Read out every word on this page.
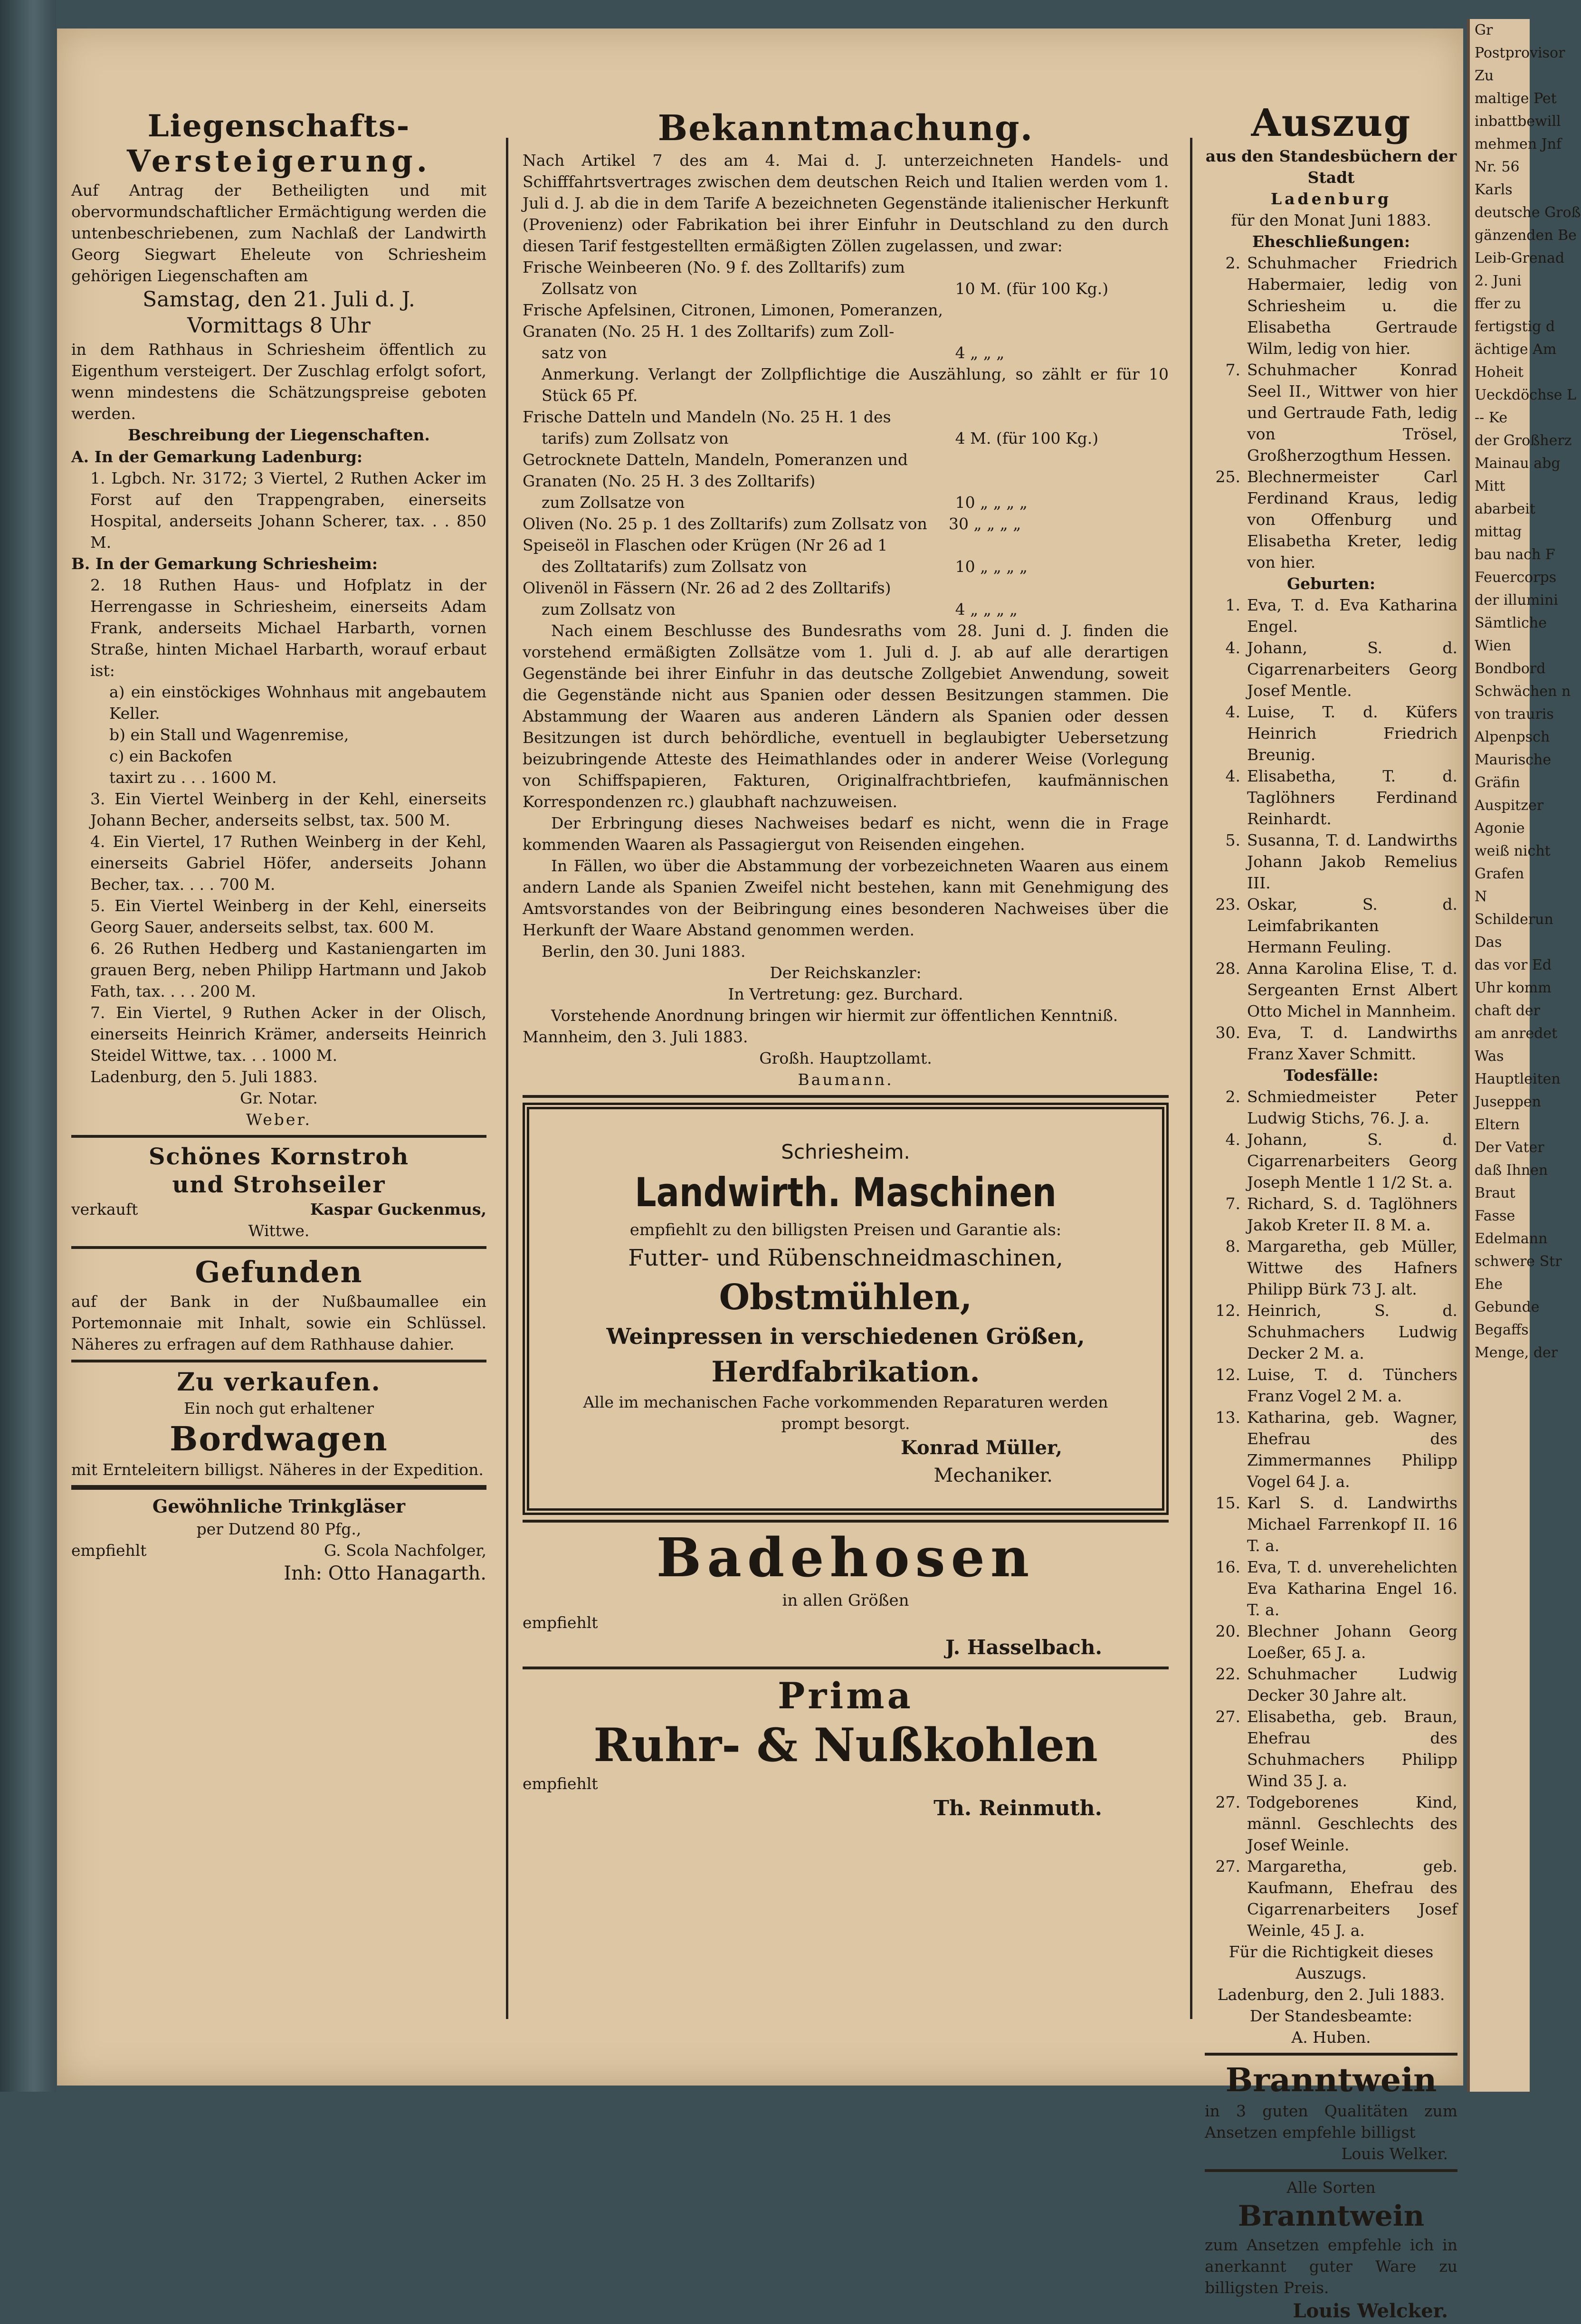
Liegenschafts-
Versteigerung.
Auf Antrag der Betheiligten und mit obervormundschaftlicher Ermächtigung werden die untenbeschriebenen, zum Nachlaß der Landwirth Georg Siegwart Eheleute von Schriesheim gehörigen Liegenschaften am
Samstag, den 21. Juli d. J.
Vormittags 8 Uhr
in dem Rathhaus in Schriesheim öffentlich zu Eigenthum versteigert. Der Zuschlag erfolgt sofort, wenn mindestens die Schätzungspreise geboten werden.
Beschreibung der Liegenschaften.
A. In der Gemarkung Ladenburg:
1. Lgbch. Nr. 3172; 3 Viertel, 2 Ruthen Acker im Forst auf den Trappengraben, einerseits Hospital, anderseits Johann Scherer, tax. . . 850 M.
B. In der Gemarkung Schriesheim:
2. 18 Ruthen Haus- und Hofplatz in der Herrengasse in Schriesheim, einerseits Adam Frank, anderseits Michael Harbarth, vornen Straße, hinten Michael Harbarth, worauf erbaut ist:
a) ein einstöckiges Wohnhaus mit angebautem Keller.
b) ein Stall und Wagenremise,
c) ein Backofen
taxirt zu . . . 1600 M.
3. Ein Viertel Weinberg in der Kehl, einerseits Johann Becher, anderseits selbst, tax. 500 M.
4. Ein Viertel, 17 Ruthen Weinberg in der Kehl, einerseits Gabriel Höfer, anderseits Johann Becher, tax. . . . 700 M.
5. Ein Viertel Weinberg in der Kehl, einerseits Georg Sauer, anderseits selbst, tax. 600 M.
6. 26 Ruthen Hedberg und Kastaniengarten im grauen Berg, neben Philipp Hartmann und Jakob Fath, tax. . . . 200 M.
7. Ein Viertel, 9 Ruthen Acker in der Olisch, einerseits Heinrich Krämer, anderseits Heinrich Steidel Wittwe, tax. . . 1000 M.
Ladenburg, den 5. Juli 1883.
Gr. Notar.
Weber.
Schönes Kornstroh
und Strohseiler
verkauft	Kaspar Guckenmus,
Wittwe.
Gefunden
auf der Bank in der Nußbaumallee ein Portemonnaie mit Inhalt, sowie ein Schlüssel. Näheres zu erfragen auf dem Rathhause dahier.
Zu verkaufen.
Ein noch gut erhaltener
Bordwagen
mit Ernteleitern billigst. Näheres in der Expedition.
Gewöhnliche Trinkgläser
per Dutzend 80 Pfg.,
empfiehlt	G. Scola Nachfolger,
Inh: Otto Hanagarth.
Bekanntmachung.
Nach Artikel 7 des am 4. Mai d. J. unterzeichneten Handels- und Schifffahrtsvertrages zwischen dem deutschen Reich und Italien werden vom 1. Juli d. J. ab die in dem Tarife A bezeichneten Gegenstände italienischer Herkunft (Provenienz) oder Fabrikation bei ihrer Einfuhr in Deutschland zu den durch diesen Tarif festgestellten ermäßigten Zöllen zugelassen, und zwar:
Frische Weinbeeren (No. 9 f. des Zolltarifs) zum
Zollsatz von	10 M. (für 100 Kg.)
Frische Apfelsinen, Citronen, Limonen, Pomeranzen, Granaten (No. 25 H. 1 des Zolltarifs) zum Zoll-
satz von	4 „ „ „
Anmerkung. Verlangt der Zollpflichtige die Auszählung, so zählt er für 10 Stück 65 Pf.
Frische Datteln und Mandeln (No. 25 H. 1 des
tarifs) zum Zollsatz von	4 M. (für 100 Kg.)
Getrocknete Datteln, Mandeln, Pomeranzen und Granaten (No. 25 H. 3 des Zolltarifs)
zum Zollsatze von	10 „ „ „ „
Oliven (No. 25 p. 1 des Zolltarifs) zum Zollsatz von	30 „ „ „ „
Speiseöl in Flaschen oder Krügen (Nr 26 ad 1
des Zolltatarifs) zum Zollsatz von	10 „ „ „ „
Olivenöl in Fässern (Nr. 26 ad 2 des Zolltarifs)
zum Zollsatz von	4 „ „ „ „
Nach einem Beschlusse des Bundesraths vom 28. Juni d. J. finden die vorstehend ermäßigten Zollsätze vom 1. Juli d. J. ab auf alle derartigen Gegenstände bei ihrer Einfuhr in das deutsche Zollgebiet Anwendung, soweit die Gegenstände nicht aus Spanien oder dessen Besitzungen stammen. Die Abstammung der Waaren aus anderen Ländern als Spanien oder dessen Besitzungen ist durch behördliche, eventuell in beglaubigter Uebersetzung beizubringende Atteste des Heimathlandes oder in anderer Weise (Vorlegung von Schiffspapieren, Fakturen, Originalfrachtbriefen, kaufmännischen Korrespondenzen rc.) glaubhaft nachzuweisen.
Der Erbringung dieses Nachweises bedarf es nicht, wenn die in Frage kommenden Waaren als Passagiergut von Reisenden eingehen.
In Fällen, wo über die Abstammung der vorbezeichneten Waaren aus einem andern Lande als Spanien Zweifel nicht bestehen, kann mit Genehmigung des Amtsvorstandes von der Beibringung eines besonderen Nachweises über die Herkunft der Waare Abstand genommen werden.
Berlin, den 30. Juni 1883.
Der Reichskanzler:
In Vertretung: gez. Burchard.
Vorstehende Anordnung bringen wir hiermit zur öffentlichen Kenntniß.
Mannheim, den 3. Juli 1883.
Großh. Hauptzollamt.
Baumann.
Schriesheim.
Landwirth. Maschinen
empfiehlt zu den billigsten Preisen und Garantie als:
Futter- und Rübenschneidmaschinen,
Obstmühlen,
Weinpressen in verschiedenen Größen,
Herdfabrikation.
Alle im mechanischen Fache vorkommenden Reparaturen werden prompt besorgt.
Konrad Müller,
Mechaniker.
Badehosen
in allen Größen
empfiehlt
J. Hasselbach.
Prima
Ruhr- & Nußkohlen
empfiehlt
Th. Reinmuth.
Auszug
aus den Standesbüchern der Stadt
Ladenburg
für den Monat Juni 1883.
Eheschließungen:
2. Schuhmacher Friedrich Habermaier, ledig von Schriesheim u. die Elisabetha Gertraude Wilm, ledig von hier.
7. Schuhmacher Konrad Seel II., Wittwer von hier und Gertraude Fath, ledig von Trösel, Großherzogthum Hessen.
25. Blechnermeister Carl Ferdinand Kraus, ledig von Offenburg und Elisabetha Kreter, ledig von hier.
Geburten:
1. Eva, T. d. Eva Katharina Engel.
4. Johann, S. d. Cigarrenarbeiters Georg Josef Mentle.
4. Luise, T. d. Küfers Heinrich Friedrich Breunig.
4. Elisabetha, T. d. Taglöhners Ferdinand Reinhardt.
5. Susanna, T. d. Landwirths Johann Jakob Remelius III.
23. Oskar, S. d. Leimfabrikanten Hermann Feuling.
28. Anna Karolina Elise, T. d. Sergeanten Ernst Albert Otto Michel in Mannheim.
30. Eva, T. d. Landwirths Franz Xaver Schmitt.
Todesfälle:
2. Schmiedmeister Peter Ludwig Stichs, 76. J. a.
4. Johann, S. d. Cigarrenarbeiters Georg Joseph Mentle 1 1/2 St. a.
7. Richard, S. d. Taglöhners Jakob Kreter II. 8 M. a.
8. Margaretha, geb Müller, Wittwe des Hafners Philipp Bürk 73 J. alt.
12. Heinrich, S. d. Schuhmachers Ludwig Decker 2 M. a.
12. Luise, T. d. Tünchers Franz Vogel 2 M. a.
13. Katharina, geb. Wagner, Ehefrau des Zimmermannes Philipp Vogel 64 J. a.
15. Karl S. d. Landwirths Michael Farrenkopf II. 16 T. a.
16. Eva, T. d. unverehelichten Eva Katharina Engel 16. T. a.
20. Blechner Johann Georg Loeßer, 65 J. a.
22. Schuhmacher Ludwig Decker 30 Jahre alt.
27. Elisabetha, geb. Braun, Ehefrau des Schuhmachers Philipp Wind 35 J. a.
27. Todgeborenes Kind, männl. Geschlechts des Josef Weinle.
27. Margaretha, geb. Kaufmann, Ehefrau des Cigarrenarbeiters Josef Weinle, 45 J. a.
Für die Richtigkeit dieses Auszugs.
Ladenburg, den 2. Juli 1883.
Der Standesbeamte:
A. Huben.
Branntwein
in 3 guten Qualitäten zum Ansetzen empfehle billigst
Louis Welker.
Alle Sorten
Branntwein
zum Ansetzen empfehle ich in anerkannt guter Ware zu billigsten Preis.
Louis Welcker.
Gr
Postprovisor
Zu
maltige Pet
inbattbewill
mehmen Jnf
Nr. 56
Karls
deutsche Groß
gänzenden Be
Leib-Grenad
2. Juni
ffer zu
fertigstig d
ächtige Am
Hoheit
Ueckdöchse L
-- Ke
der Großherz
Mainau abg
Mitt
abarbeit
mittag
bau nach F
Feuercorps
der illumini
Sämtliche
Wien
Bondbord
Schwächen n
von trauris
Alpenpsch
Maurische
Gräfin
Auspitzer
Agonie
weiß nicht
Grafen
N
Schilderun
Das
das vor Ed
Uhr komm
chaft der
am anredet
Was
Hauptleiten
Juseppen
Eltern
Der Vater
daß Ihnen
Braut
Fasse
Edelmann
schwere Str
Ehe
Gebunde
Begaffs
Menge, der
